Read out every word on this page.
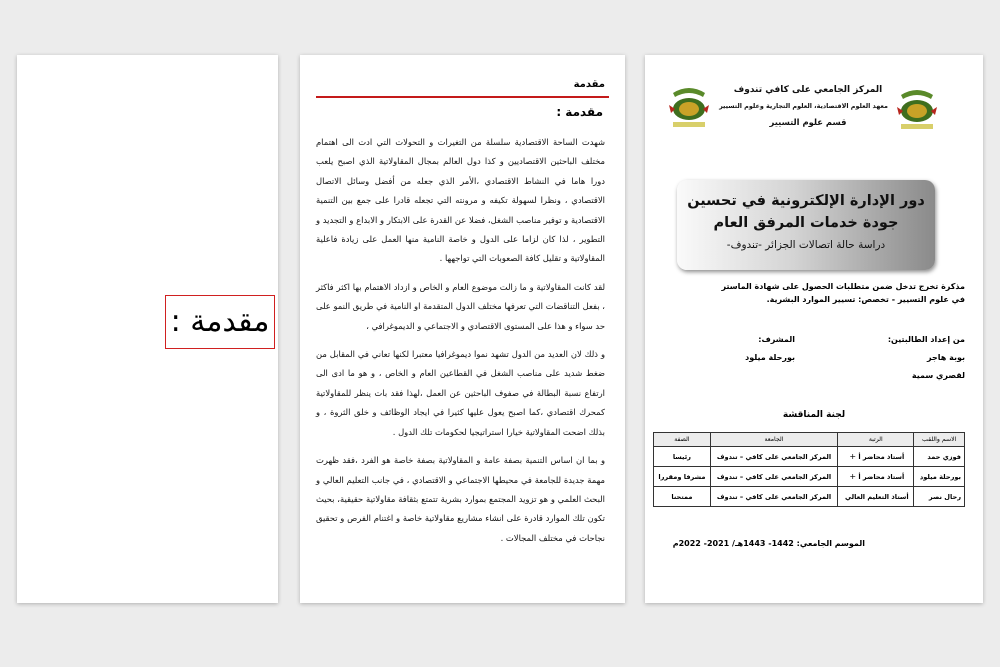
مقدمة :
مقدمة
مقدمة :

شهدت الساحة الاقتصادية سلسلة من التغيرات و التحولات التي ادت الى اهتمام مختلف الباحثين الاقتصاديين و كذا دول العالم بمجال المقاولاتية الذي اصبح يلعب دورا هاما في النشاط الاقتصادي ،الأمر الذي جعله من أفضل وسائل الاتصال الاقتصادي ، ونظرا لسهولة تكيفه و مرونته التي تجعله قادرا على جمع بين التنمية الاقتصادية و توفير مناصب الشغل، فضلا عن القدرة على الابتكار و الابداع و التجديد و التطوير ، لذا كان لزاما على الدول و خاصة النامية منها العمل على زيادة فاعلية المقاولاتية و تقليل كافة الصعوبات التي تواجهها .

لقد كانت المقاولاتية و ما زالت موضوع العام و الخاص و ازداد الاهتمام بها اكثر فاكثر ، بفعل التناقضات التي تعرفها مختلف الدول المتقدمة او النامية في طريق النمو على حد سواء و هذا على المستوى الاقتصادي و الاجتماعي و الديموغرافي ،

و ذلك لان العديد من الدول تشهد نموا ديموغرافيا معتبرا لكنها تعاني في المقابل من ضغط شديد على مناصب الشغل في القطاعين العام و الخاص ، و هو ما ادى الى ارتفاع نسبة البطالة في صفوف الباحثين عن العمل ،لهذا فقد بات ينظر للمقاولاتية كمحرك اقتصادي ،كما اصبح يعول عليها كثيرا في ايجاد الوظائف و خلق الثروة ، و بذلك اضحت المقاولاتية خيارا استراتيجيا لحكومات تلك الدول .

و بما ان اساس التنمية بصفة عامة و المقاولاتية بصفة خاصة هو الفرد ،فقد ظهرت مهمة جديدة للجامعة في محيطها الاجتماعي و الاقتصادي ، في جانب التعليم العالي و البحث العلمي و هو تزويد المجتمع بموارد بشرية تتمتع بثقافة مقاولاتية حقيقية، بحيث تكون تلك الموارد قادرة على انشاء مشاريع مقاولاتية خاصة و اغتنام الفرص و تحقيق نجاحات في مختلف المجالات .

المركز الجامعي على كافي تندوف
معهد العلوم الاقتصادية، العلوم التجارية وعلوم التسيير
قسم علوم التسيير
دور الإدارة الإلكترونية في تحسين
جودة خدمات المرفق العام
دراسة حالة اتصالات الجزائر -تندوف-
مذكرة تخرج تدخل ضمن متطلبات الحصول على شهادة الماستر
في علوم التسيير - تخصص: تسيير الموارد البشرية.
من إعداد الطالبتين:
المشرف:
بوبة هاجر
بورحلة ميلود
لقصري سمية
لجنة المناقشة
الاسم واللقب	الرتبة	الجامعة	الصفة
فوزي حمد	أستاذ محاضر أ +	المركز الجامعي على كافي – تندوف	رئيسا
بورحلة ميلود	أستاذ محاضر أ +	المركز الجامعي على كافي – تندوف	مشرفا ومقررا
رحال نصر	أستاذ التعليم العالي	المركز الجامعي على كافي – تندوف	ممتحنا
الموسم الجامعي: 1442- 1443هـ/ 2021- 2022م
